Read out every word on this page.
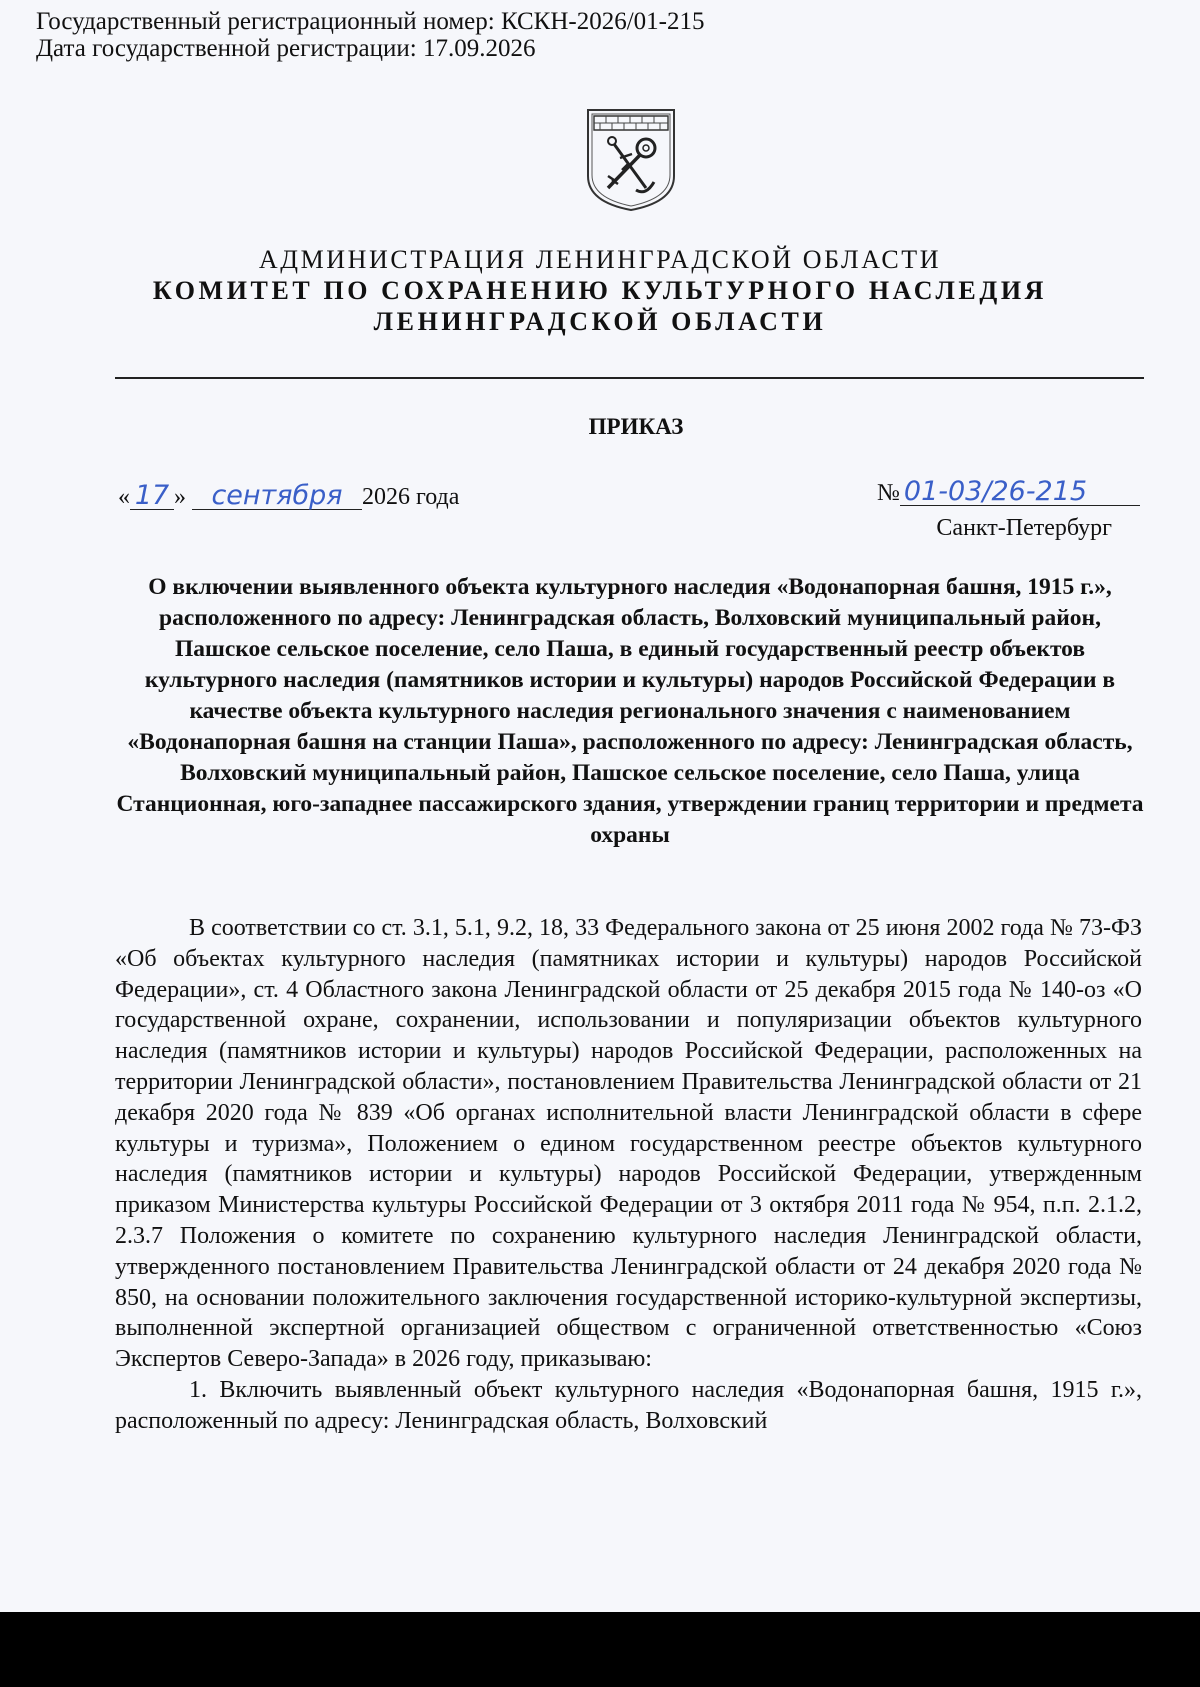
Государственный регистрационный номер: КСКН-2026/01-215
Дата государственной регистрации: 17.09.2026
АДМИНИСТРАЦИЯ ЛЕНИНГРАДСКОЙ ОБЛАСТИ
КОМИТЕТ ПО СОХРАНЕНИЮ КУЛЬТУРНОГО НАСЛЕДИЯ
ЛЕНИНГРАДСКОЙ ОБЛАСТИ
ПРИКАЗ
« 17 » сентября 2026 года	№ 01-03/26-215
Санкт-Петербург
О включении выявленного объекта культурного наследия «Водонапорная башня, 1915 г.», расположенного по адресу: Ленинградская область, Волховский муниципальный район, Пашское сельское поселение, село Паша, в единый государственный реестр объектов культурного наследия (памятников истории и культуры) народов Российской Федерации в качестве объекта культурного наследия регионального значения с наименованием «Водонапорная башня на станции Паша», расположенного по адресу: Ленинградская область, Волховский муниципальный район, Пашское сельское поселение, село Паша, улица Станционная, юго-западнее пассажирского здания, утверждении границ территории и предмета охраны

В соответствии со ст. 3.1, 5.1, 9.2, 18, 33 Федерального закона от 25 июня 2002 года № 73-ФЗ «Об объектах культурного наследия (памятниках истории и культуры) народов Российской Федерации», ст. 4 Областного закона Ленинградской области от 25 декабря 2015 года № 140-оз «О государственной охране, сохранении, использовании и популяризации объектов культурного наследия (памятников истории и культуры) народов Российской Федерации, расположенных на территории Ленинградской области», постановлением Правительства Ленинградской области от 21 декабря 2020 года № 839 «Об органах исполнительной власти Ленинградской области в сфере культуры и туризма», Положением о едином государственном реестре объектов культурного наследия (памятников истории и культуры) народов Российской Федерации, утвержденным приказом Министерства культуры Российской Федерации от 3 октября 2011 года № 954, п.п. 2.1.2, 2.3.7 Положения о комитете по сохранению культурного наследия Ленинградской области, утвержденного постановлением Правительства Ленинградской области от 24 декабря 2020 года № 850, на основании положительного заключения государственной историко-культурной экспертизы, выполненной экспертной организацией обществом с ограниченной ответственностью «Союз Экспертов Северо-Запада» в 2026 году, приказываю:

1. Включить выявленный объект культурного наследия «Водонапорная башня, 1915 г.», расположенный по адресу: Ленинградская область, Волховский
